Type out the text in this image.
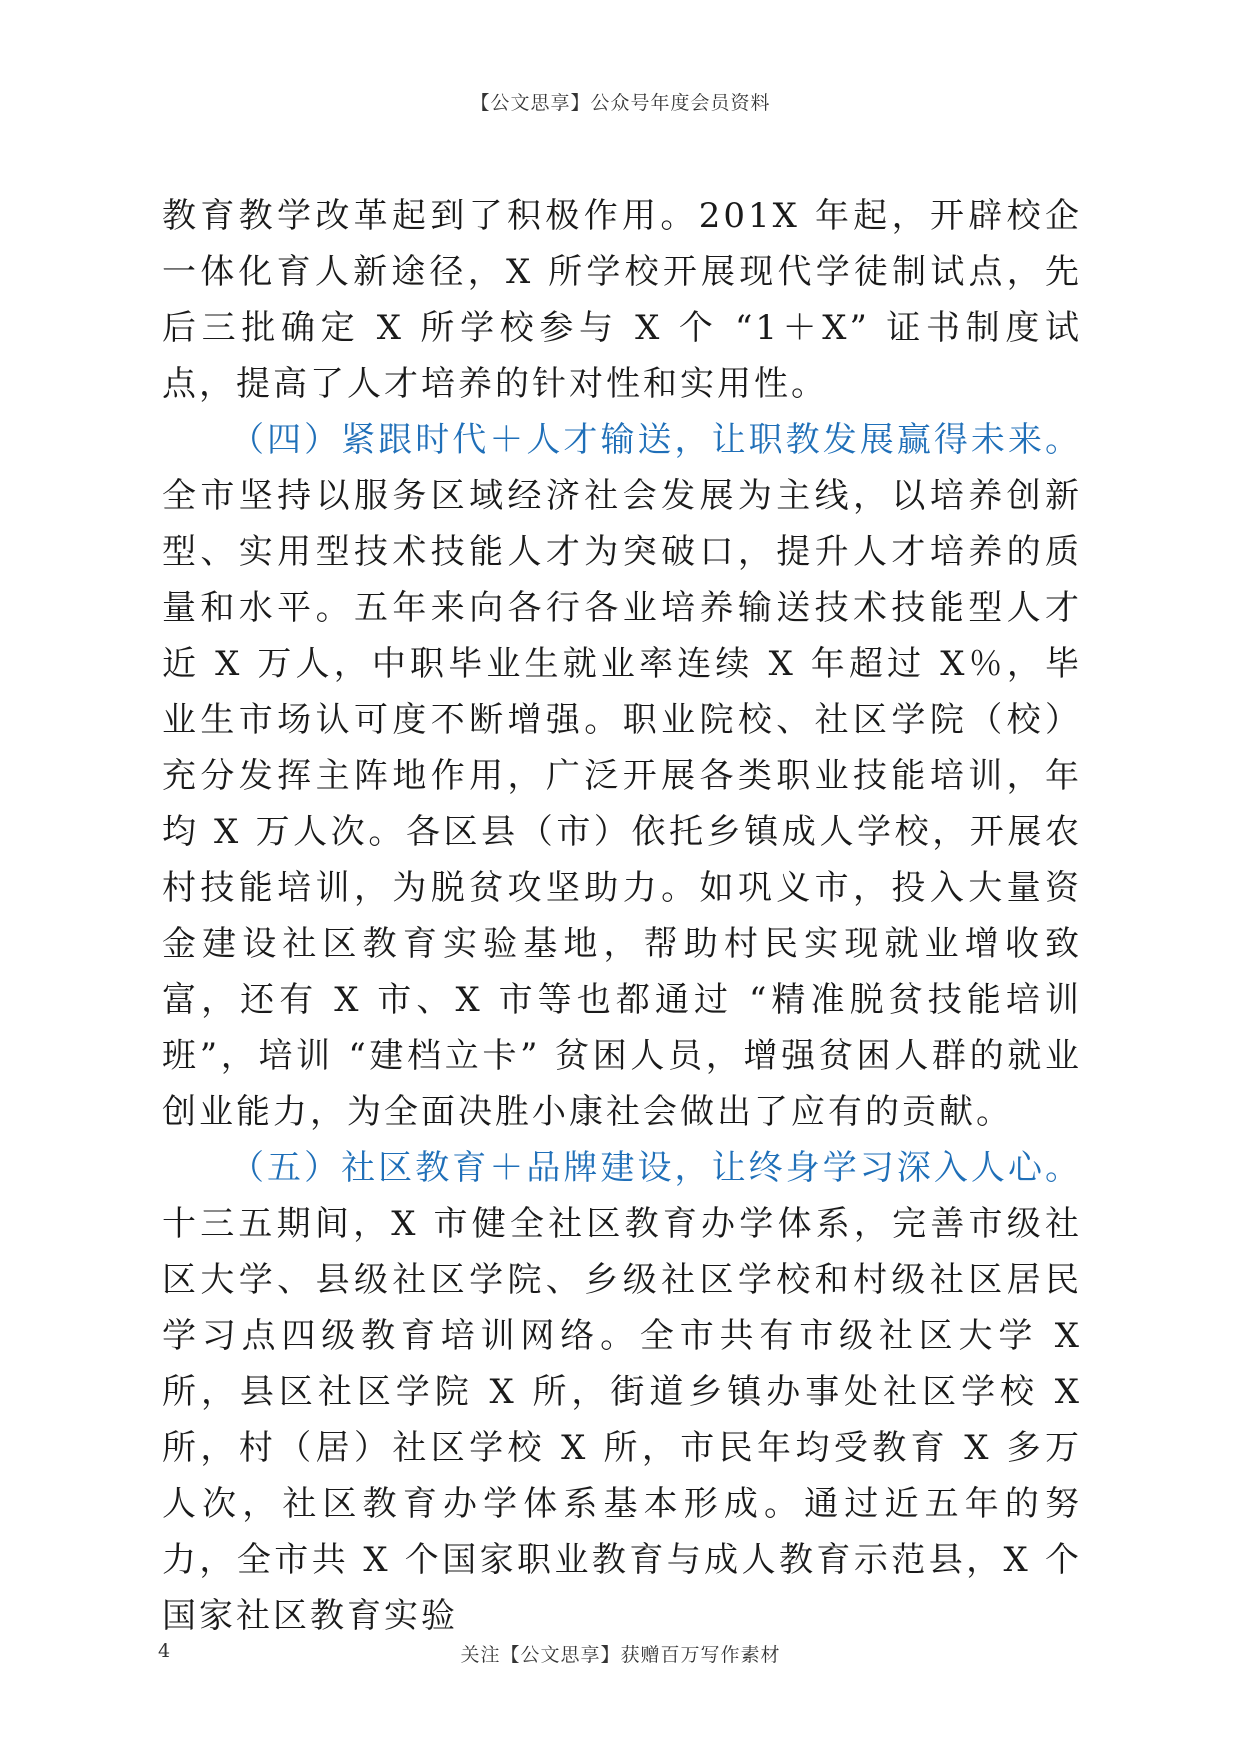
【公文思享】公众号年度会员资料

教育教学改革起到了积极作用。201X 年起，开辟校企一体化育人新途径，X 所学校开展现代学徒制试点，先后三批确定 X 所学校参与 X 个 “1＋X” 证书制度试点，提高了人才培养的针对性和实用性。

（四）紧跟时代＋人才输送，让职教发展赢得未来。全市坚持以服务区域经济社会发展为主线，以培养创新型、实用型技术技能人才为突破口，提升人才培养的质量和水平。五年来向各行各业培养输送技术技能型人才近 X 万人，中职毕业生就业率连续 X 年超过 X％，毕业生市场认可度不断增强。职业院校、社区学院（校）充分发挥主阵地作用，广泛开展各类职业技能培训，年均 X 万人次。各区县（市）依托乡镇成人学校，开展农村技能培训，为脱贫攻坚助力。如巩义市，投入大量资金建设社区教育实验基地，帮助村民实现就业增收致富，还有 X 市、X 市等也都通过 “精准脱贫技能培训班”，培训 “建档立卡” 贫困人员，增强贫困人群的就业创业能力，为全面决胜小康社会做出了应有的贡献。

（五）社区教育＋品牌建设，让终身学习深入人心。十三五期间，X 市健全社区教育办学体系，完善市级社区大学、县级社区学院、乡级社区学校和村级社区居民学习点四级教育培训网络。全市共有市级社区大学 X 所，县区社区学院 X 所，街道乡镇办事处社区学校 X 所，村（居）社区学校 X 所，市民年均受教育 X 多万人次，社区教育办学体系基本形成。通过近五年的努力，全市共 X 个国家职业教育与成人教育示范县，X 个国家社区教育实验

4	关注【公文思享】获赠百万写作素材
